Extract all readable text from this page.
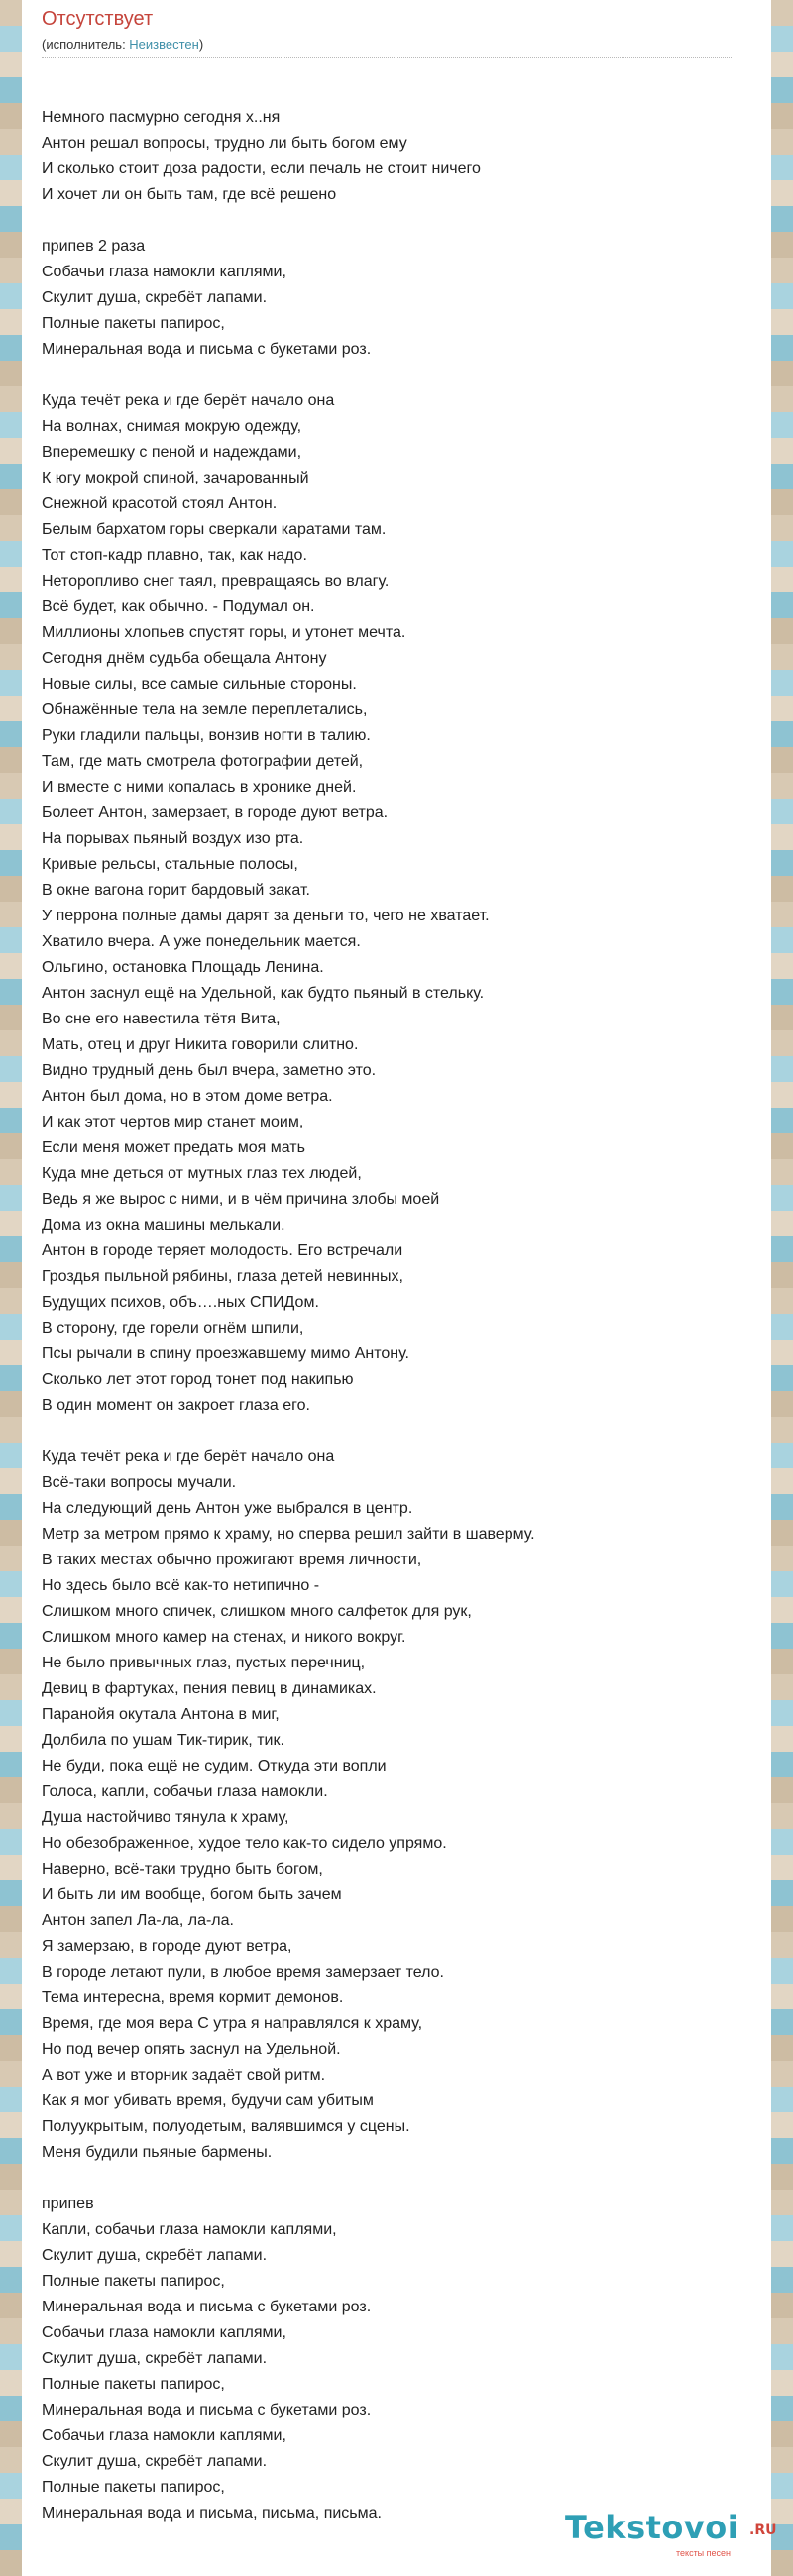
Отсутствует
(исполнитель: Неизвестен)
Немного пасмурно сегодня х..ня
Антон решал вопросы, трудно ли быть богом ему
И сколько стоит доза радости, если печаль не стоит ничего
И хочет ли он быть там, где всё решено
припев 2 раза
Собачьи глаза намокли каплями,
Скулит душа, скребёт лапами.
Полные пакеты папирос,
Минеральная вода и письма с букетами роз.
Куда течёт река и где берёт начало она
На волнах, снимая мокрую одежду,
Вперемешку с пеной и надеждами,
К югу мокрой спиной, зачарованный
Снежной красотой стоял Антон.
Белым бархатом горы сверкали каратами там.
Тот стоп-кадр плавно, так, как надо.
Неторопливо снег таял, превращаясь во влагу.
Всё будет, как обычно. - Подумал он.
Миллионы хлопьев спустят горы, и утонет мечта.
Сегодня днём судьба обещала Антону
Новые силы, все самые сильные стороны.
Обнажённые тела на земле переплетались,
Руки гладили пальцы, вонзив ногти в талию.
Там, где мать смотрела фотографии детей,
И вместе с ними копалась в хронике дней.
Болеет Антон, замерзает, в городе дуют ветра.
На порывах пьяный воздух изо рта.
Кривые рельсы, стальные полосы,
В окне вагона горит бардовый закат.
У перрона полные дамы дарят за деньги то, чего не хватает.
Хватило вчера. А уже понедельник мается.
Ольгино, остановка Площадь Ленина.
Антон заснул ещё на Удельной, как будто пьяный в стельку.
Во сне его навестила тётя Вита,
Мать, отец и друг Никита говорили слитно.
Видно трудный день был вчера, заметно это.
Антон был дома, но в этом доме ветра.
И как этот чертов мир станет моим,
Если меня может предать моя мать
Куда мне деться от мутных глаз тех людей,
Ведь я же вырос с ними, и в чём причина злобы моей
Дома из окна машины мелькали.
Антон в городе теряет молодость. Его встречали
Гроздья пыльной рябины, глаза детей невинных,
Будущих психов, объ….ных СПИДом.
В сторону, где горели огнём шпили,
Псы рычали в спину проезжавшему мимо Антону.
Сколько лет этот город тонет под накипью
В один момент он закроет глаза его.
Куда течёт река и где берёт начало она
Всё-таки вопросы мучали.
На следующий день Антон уже выбрался в центр.
Метр за метром прямо к храму, но сперва решил зайти в шаверму.
В таких местах обычно прожигают время личности,
Но здесь было всё как-то нетипично -
Слишком много спичек, слишком много салфеток для рук,
Слишком много камер на стенах, и никого вокруг.
Не было привычных глаз, пустых перечниц,
Девиц в фартуках, пения певиц в динамиках.
Паранойя окутала Антона в миг,
Долбила по ушам Тик-тирик, тик.
Не буди, пока ещё не судим. Откуда эти вопли
Голоса, капли, собачьи глаза намокли.
Душа настойчиво тянула к храму,
Но обезображенное, худое тело как-то сидело упрямо.
Наверно, всё-таки трудно быть богом,
И быть ли им вообще, богом быть зачем
Антон запел Ла-ла, ла-ла.
Я замерзаю, в городе дуют ветра,
В городе летают пули, в любое время замерзает тело.
Тема интересна, время кормит демонов.
Время, где моя вера С утра я направлялся к храму,
Но под вечер опять заснул на Удельной.
А вот уже и вторник задаёт свой ритм.
Как я мог убивать время, будучи сам убитым
Полуукрытым, полуодетым, валявшимся у сцены.
Меня будили пьяные бармены.
припев
Капли, собачьи глаза намокли каплями,
Скулит душа, скребёт лапами.
Полные пакеты папирос,
Минеральная вода и письма с букетами роз.
Собачьи глаза намокли каплями,
Скулит душа, скребёт лапами.
Полные пакеты папирос,
Минеральная вода и письма с букетами роз.
Собачьи глаза намокли каплями,
Скулит душа, скребёт лапами.
Полные пакеты папирос,
Минеральная вода и письма, письма, письма.	Tekstovoi .RU
тексты песен
